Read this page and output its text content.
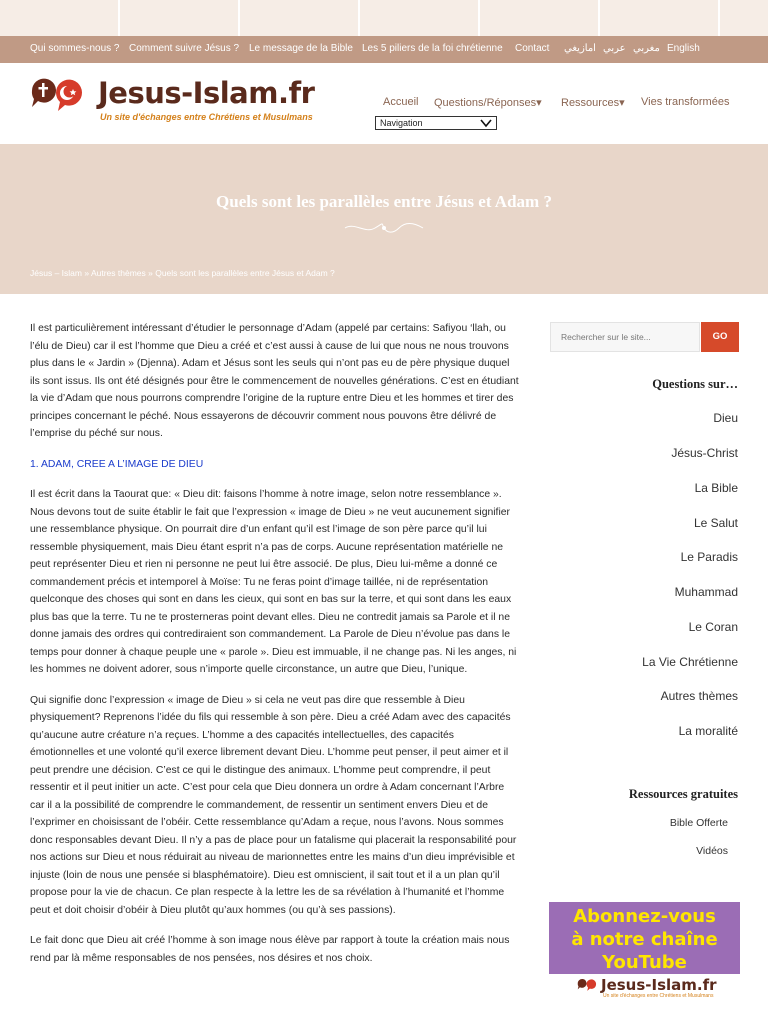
Qui sommes-nous ? Comment suivre Jésus ? Le message de la Bible Les 5 piliers de la foi chrétienne Contact امازيغي عربي مغربي English
Jesus-Islam.fr
Un site d'échanges entre Chrétiens et Musulmans
Accueil Questions/Réponses▾ Ressources▾ Vies transformées
Navigation
Quels sont les parallèles entre Jésus et Adam ?
Jésus – Islam » Autres thèmes » Quels sont les parallèles entre Jésus et Adam ?

Il est particulièrement intéressant d’étudier le personnage d’Adam (appelé par certains: Safiyou ‘llah, ou l’élu de Dieu) car il est l’homme que Dieu a créé et c’est aussi à cause de lui que nous ne nous trouvons plus dans le « Jardin » (Djenna). Adam et Jésus sont les seuls qui n’ont pas eu de père physique duquel ils sont issus. Ils ont été désignés pour être le commencement de nouvelles générations. C’est en étudiant la vie d’Adam que nous pourrons comprendre l’origine de la rupture entre Dieu et les hommes et tirer des principes concernant le péché. Nous essayerons de découvrir comment nous pouvons être délivré de l’emprise du péché sur nous.

1. ADAM, CREE A L’IMAGE DE DIEU

Il est écrit dans la Taourat que: « Dieu dit: faisons l’homme à notre image, selon notre ressemblance ». Nous devons tout de suite établir le fait que l’expression « image de Dieu » ne veut aucunement signifier une ressemblance physique. On pourrait dire d’un enfant qu’il est l’image de son père parce qu’il lui ressemble physiquement, mais Dieu étant esprit n’a pas de corps. Aucune représentation matérielle ne peut représenter Dieu et rien ni personne ne peut lui être associé. De plus, Dieu lui-même a donné ce commandement précis et intemporel à Moïse: Tu ne feras point d’image taillée, ni de représentation quelconque des choses qui sont en dans les cieux, qui sont en bas sur la terre, et qui sont dans les eaux plus bas que la terre. Tu ne te prosterneras point devant elles. Dieu ne contredit jamais sa Parole et il ne donne jamais des ordres qui contrediraient son commandement. La Parole de Dieu n’évolue pas dans le temps pour donner à chaque peuple une « parole ». Dieu est immuable, il ne change pas. Ni les anges, ni les hommes ne doivent adorer, sous n’importe quelle circonstance, un autre que Dieu, l’unique.

Qui signifie donc l’expression « image de Dieu » si cela ne veut pas dire que ressemble à Dieu physiquement? Reprenons l’idée du fils qui ressemble à son père. Dieu a créé Adam avec des capacités qu’aucune autre créature n’a reçues. L’homme a des capacités intellectuelles, des capacités émotionnelles et une volonté qu’il exerce librement devant Dieu. L’homme peut penser, il peut aimer et il peut prendre une décision. C’est ce qui le distingue des animaux. L’homme peut comprendre, il peut ressentir et il peut initier un acte. C’est pour cela que Dieu donnera un ordre à Adam concernant l’Arbre car il a la possibilité de comprendre le commandement, de ressentir un sentiment envers Dieu et de l’exprimer en choisissant de l’obéir. Cette ressemblance qu’Adam a reçue, nous l’avons. Nous sommes donc responsables devant Dieu. Il n’y a pas de place pour un fatalisme qui placerait la responsabilité pour nos actions sur Dieu et nous réduirait au niveau de marionnettes entre les mains d’un dieu imprévisible et injuste (loin de nous une pensée si blasphématoire). Dieu est omniscient, il sait tout et il a un plan qu’il propose pour la vie de chacun. Ce plan respecte à la lettre les de sa révélation à l’humanité et l’homme peut et doit choisir d’obéir à Dieu plutôt qu’aux hommes (ou qu’à ses passions).

Le fait donc que Dieu ait créé l’homme à son image nous élève par rapport à toute la création mais nous rend par là même responsables de nos pensées, nos désires et nos choix.

Rechercher sur le site...	GO
Questions sur…
Dieu
Jésus-Christ
La Bible
Le Salut
Le Paradis
Muhammad
Le Coran
La Vie Chrétienne
Autres thèmes
La moralité
Ressources gratuites
Bible Offerte
Vidéos
Abonnez-vous
à notre chaîne
YouTube
Jesus-Islam.fr
Un site d'échanges entre Chrétiens et Musulmans
